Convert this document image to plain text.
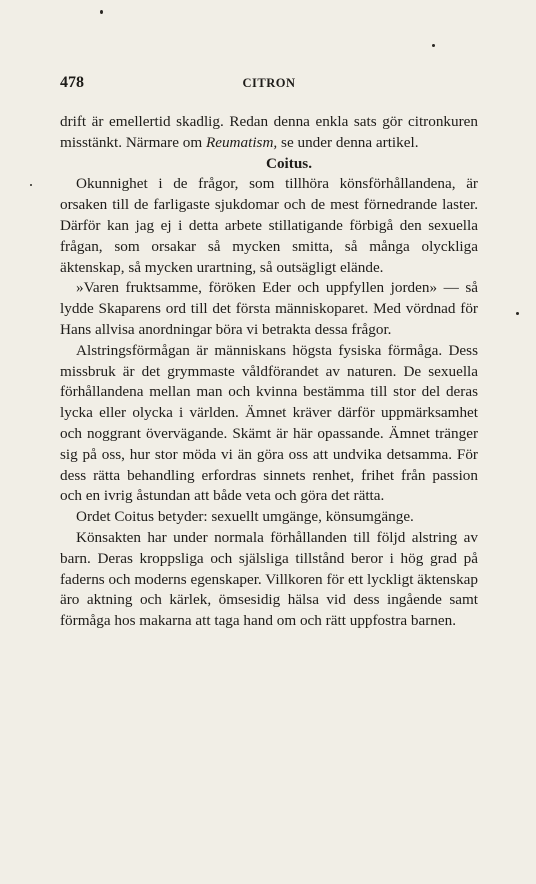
478	CITRON

drift är emellertid skadlig. Redan denna enkla sats gör citronkuren misstänkt. Närmare om Reumatism, se under denna artikel.

Coitus.

Okunnighet i de frågor, som tillhöra könsförhållandena, är orsaken till de farligaste sjukdomar och de mest förnedrande laster. Därför kan jag ej i detta arbete stillatigande förbigå den sexuella frågan, som orsakar så mycken smitta, så många olyckliga äktenskap, så mycken urartning, så outsägligt elände.

»Varen fruktsamme, föröken Eder och uppfyllen jorden» — så lydde Skaparens ord till det första människoparet. Med vördnad för Hans allvisa anordningar böra vi betrakta dessa frågor.

Alstringsförmågan är människans högsta fysiska förmåga. Dess missbruk är det grymmaste våldförandet av naturen. De sexuella förhållandena mellan man och kvinna bestämma till stor del deras lycka eller olycka i världen. Ämnet kräver därför uppmärksamhet och noggrant övervägande. Skämt är här opassande. Ämnet tränger sig på oss, hur stor möda vi än göra oss att undvika detsamma. För dess rätta behandling erfordras sinnets renhet, frihet från passion och en ivrig åstundan att både veta och göra det rätta.

Ordet Coitus betyder: sexuellt umgänge, könsumgänge.

Könsakten har under normala förhållanden till följd alstring av barn. Deras kroppsliga och själsliga tillstånd beror i hög grad på faderns och moderns egenskaper. Villkoren för ett lyckligt äktenskap äro aktning och kärlek, ömsesidig hälsa vid dess ingående samt förmåga hos makarna att taga hand om och rätt uppfostra barnen.
